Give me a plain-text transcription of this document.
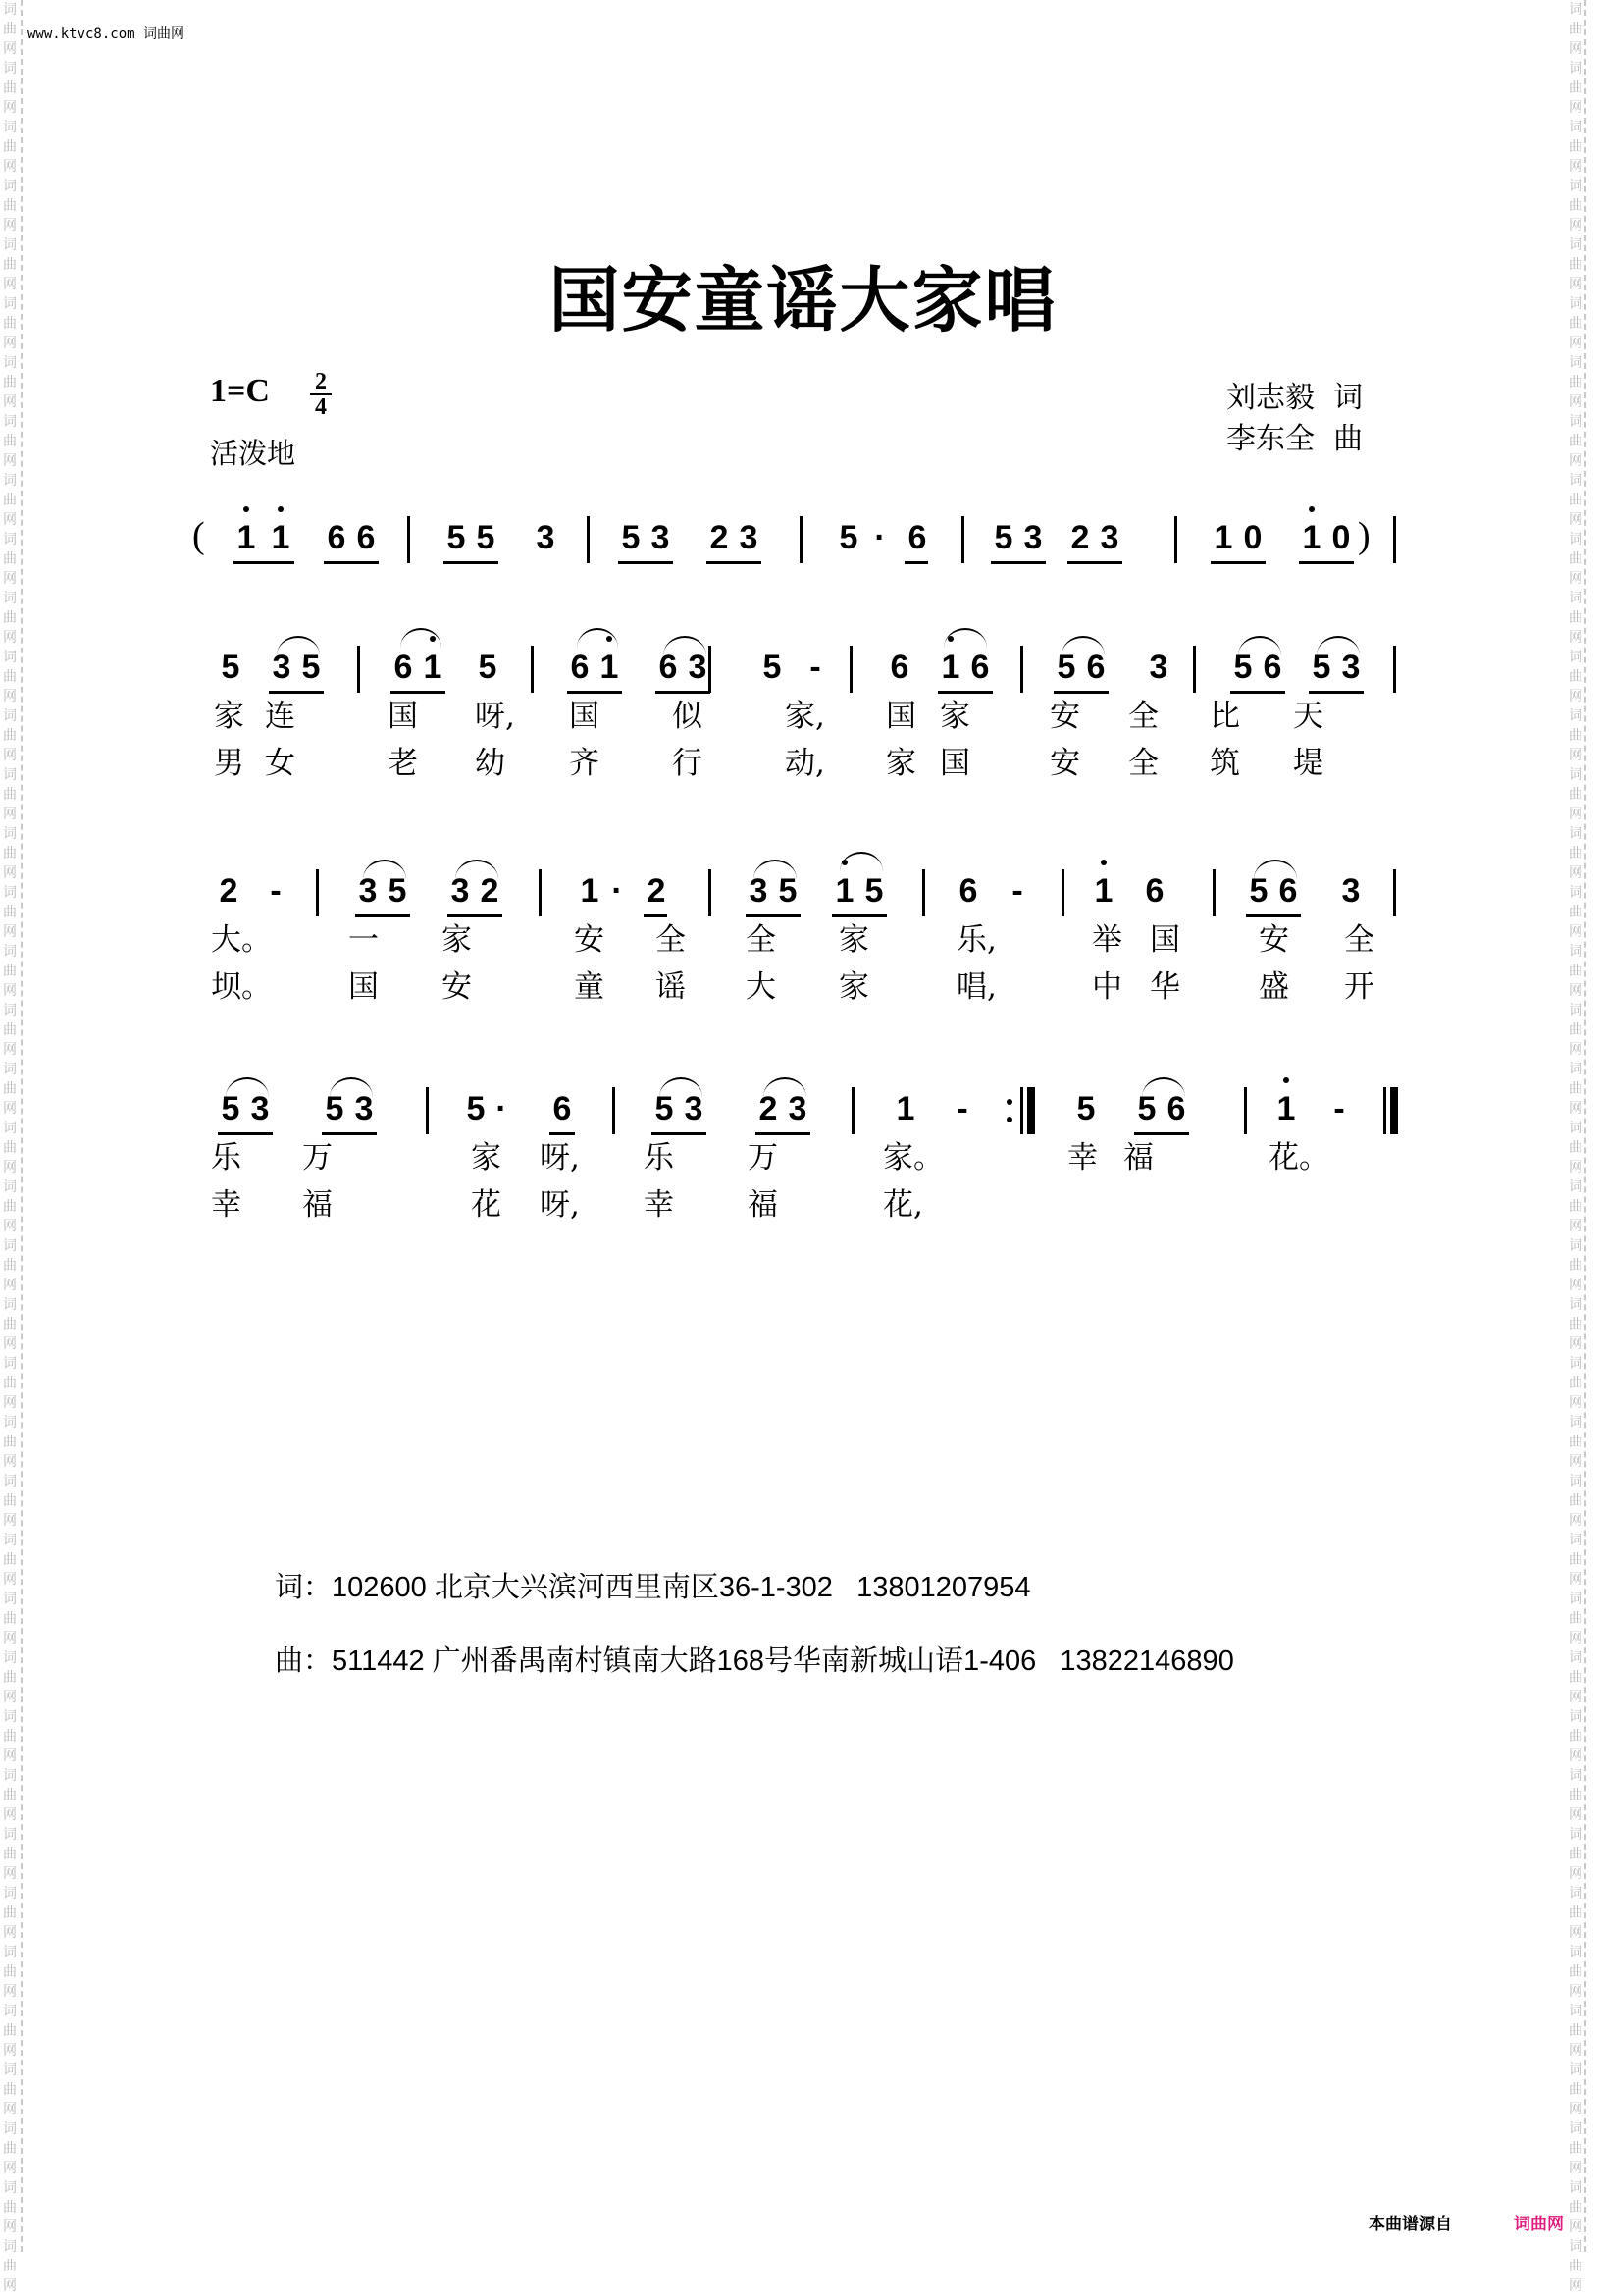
词
曲
网
词
曲
网
词
曲
网
词
曲
网
词
曲
网
词
曲
网
词
曲
网
词
曲
网
词
曲
网
词
曲
网
词
曲
网
词
曲
网
词
曲
网
词
曲
网
词
曲
网
词
曲
网
词
曲
网
词
曲
网
词
曲
网
词
曲
网
词
曲
网
词
曲
网
词
曲
网
词
曲
网
词
曲
网
词
曲
网
词
曲
网
词
曲
网
词
曲
网
词
曲
网
词
曲
网
词
曲
网
词
曲
网
词
曲
网
词
曲
网
词
曲
网
词
曲
网
词
曲
网
词
曲
网
词
曲
网
词
曲
网
词
曲
网
词
曲
网
词
曲
网
词
曲
网
词
曲
网
词
曲
网
词
曲
网
词
曲
网
词
曲
网
词
曲
网
词
曲
网
词
曲
网
词
曲
网
词
曲
网
词
曲
网
词
曲
网
词
曲
网
词
曲
网
词
曲
网
词
曲
网
词
曲
网
词
曲
网
词
曲
网
词
曲
网
词
曲
网
词
曲
网
词
曲
网
词
曲
网
词
曲
网
词
曲
网
词
曲
网
词
曲
网
词
曲
网
词
曲
网
词
曲
网
词
曲
网
词
曲
网
www.ktvc8.com 词曲网
国安童谣大家唱
1=C 2
4
活泼地
刘志毅  词
李东全  曲
( 1 1 6 6 5 5 3 5 3 2 3 5 · 6 5 3 2 3	1 0 1 0 )
5 3 5 6 1 5 6 1 6 3 5 - 6 1 6 5 6 3 5 6 5 3
家 连	国 呀, 国 似	家, 国 家	安 全 比 天
男 女	老 幼 齐 行	动, 家 国	安 全 筑 堤
2 - 3 5 3 2 1 · 2	3 5 1 5 6 - 1 6	5 6 3
大。	一 家	安 全 全 家	乐,	举 国	安 全
坝。	国 安	童 谣 大 家	唱,	中 华	盛 开
5 3 5 3	5 · 6	5 3 2 3	1 -	5 5 6	1 -
乐 万	家 呀, 乐 万	家。	幸 福	花。
幸 福	花 呀, 幸 福	花,
词：102600 北京大兴滨河西里南区36-1-302   13801207954
曲：511442 广州番禺南村镇南大路168号华南新城山语1-406   13822146890
本曲谱源自	词曲网
